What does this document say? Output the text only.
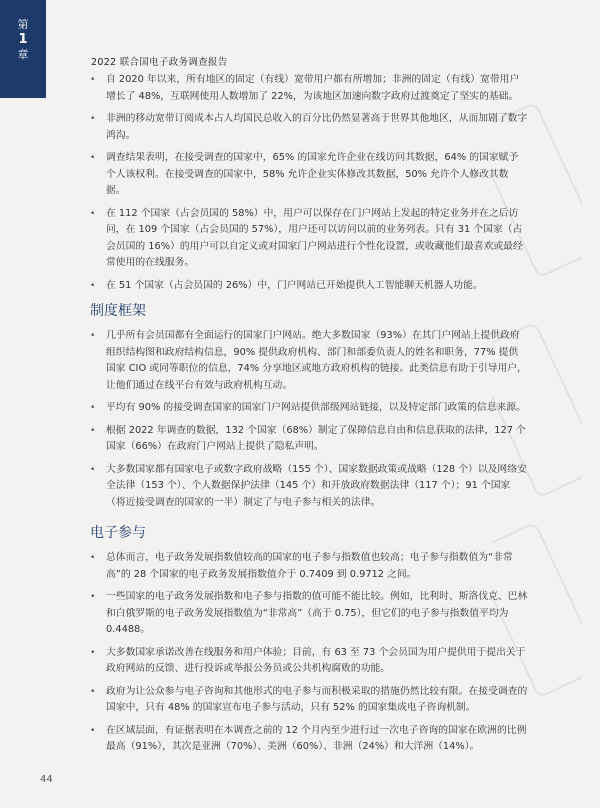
第
1
章
2022 联合国电子政务调查报告
• 自 2020 年以来，所有地区的固定（有线）宽带用户都有所增加；非洲的固定（有线）宽带用户增长了 48%，互联网使用人数增加了 22%，为该地区加速向数字政府过渡奠定了坚实的基础。
• 非洲的移动宽带订阅成本占人均国民总收入的百分比仍然显著高于世界其他地区，从而加剧了数字鸿沟。
• 调查结果表明，在接受调查的国家中，65% 的国家允许企业在线访问其数据，64% 的国家赋予个人该权利。在接受调查的国家中，58% 允许企业实体修改其数据，50% 允许个人修改其数据。
• 在 112 个国家（占会员国的 58%）中，用户可以保存在门户网站上发起的特定业务并在之后访问，在 109 个国家（占会员国的 57%），用户还可以访问以前的业务列表。只有 31 个国家（占会员国的 16%）的用户可以自定义或对国家门户网站进行个性化设置，或收藏他们最喜欢或最经常使用的在线服务。
• 在 51 个国家（占会员国的 26%）中，门户网站已开始提供人工智能聊天机器人功能。
制度框架
• 几乎所有会员国都有全面运行的国家门户网站。绝大多数国家（93%）在其门户网站上提供政府组织结构图和政府结构信息，90% 提供政府机构、部门和部委负责人的姓名和职务，77% 提供国家 CIO 或同等职位的信息，74% 分享地区或地方政府机构的链接。此类信息有助于引导用户，让他们通过在线平台有效与政府机构互动。
• 平均有 90% 的接受调查国家的国家门户网站提供部级网站链接，以及特定部门政策的信息来源。
• 根据 2022 年调查的数据，132 个国家（68%）制定了保障信息自由和信息获取的法律，127 个国家（66%）在政府门户网站上提供了隐私声明。
• 大多数国家都有国家电子或数字政府战略（155 个）、国家数据政策或战略（128 个）以及网络安全法律（153 个）、个人数据保护法律（145 个）和开放政府数据法律（117 个）；91 个国家（将近接受调查的国家的一半）制定了与电子参与相关的法律。
电子参与
• 总体而言，电子政务发展指数值较高的国家的电子参与指数值也较高；电子参与指数值为“非常高”的 28 个国家的电子政务发展指数值介于 0.7409 到 0.9712 之间。
• 一些国家的电子政务发展指数和电子参与指数的值可能不能比较。例如，比利时、斯洛伐克、巴林和白俄罗斯的电子政务发展指数值为“非常高”（高于 0.75），但它们的电子参与指数值平均为 0.4488。
• 大多数国家承诺改善在线服务和用户体验；目前，有 63 至 73 个会员国为用户提供用于提出关于政府网站的反馈、进行投诉或举报公务员或公共机构腐败的功能。
• 政府为让公众参与电子咨询和其他形式的电子参与而积极采取的措施仍然比较有限。在接受调查的国家中，只有 48% 的国家宣布电子参与活动，只有 52% 的国家集成电子咨询机制。
• 在区域层面，有证据表明在本调查之前的 12 个月内至少进行过一次电子咨询的国家在欧洲的比例最高（91%），其次是亚洲（70%）、美洲（60%）、非洲（24%）和大洋洲（14%）。
44
